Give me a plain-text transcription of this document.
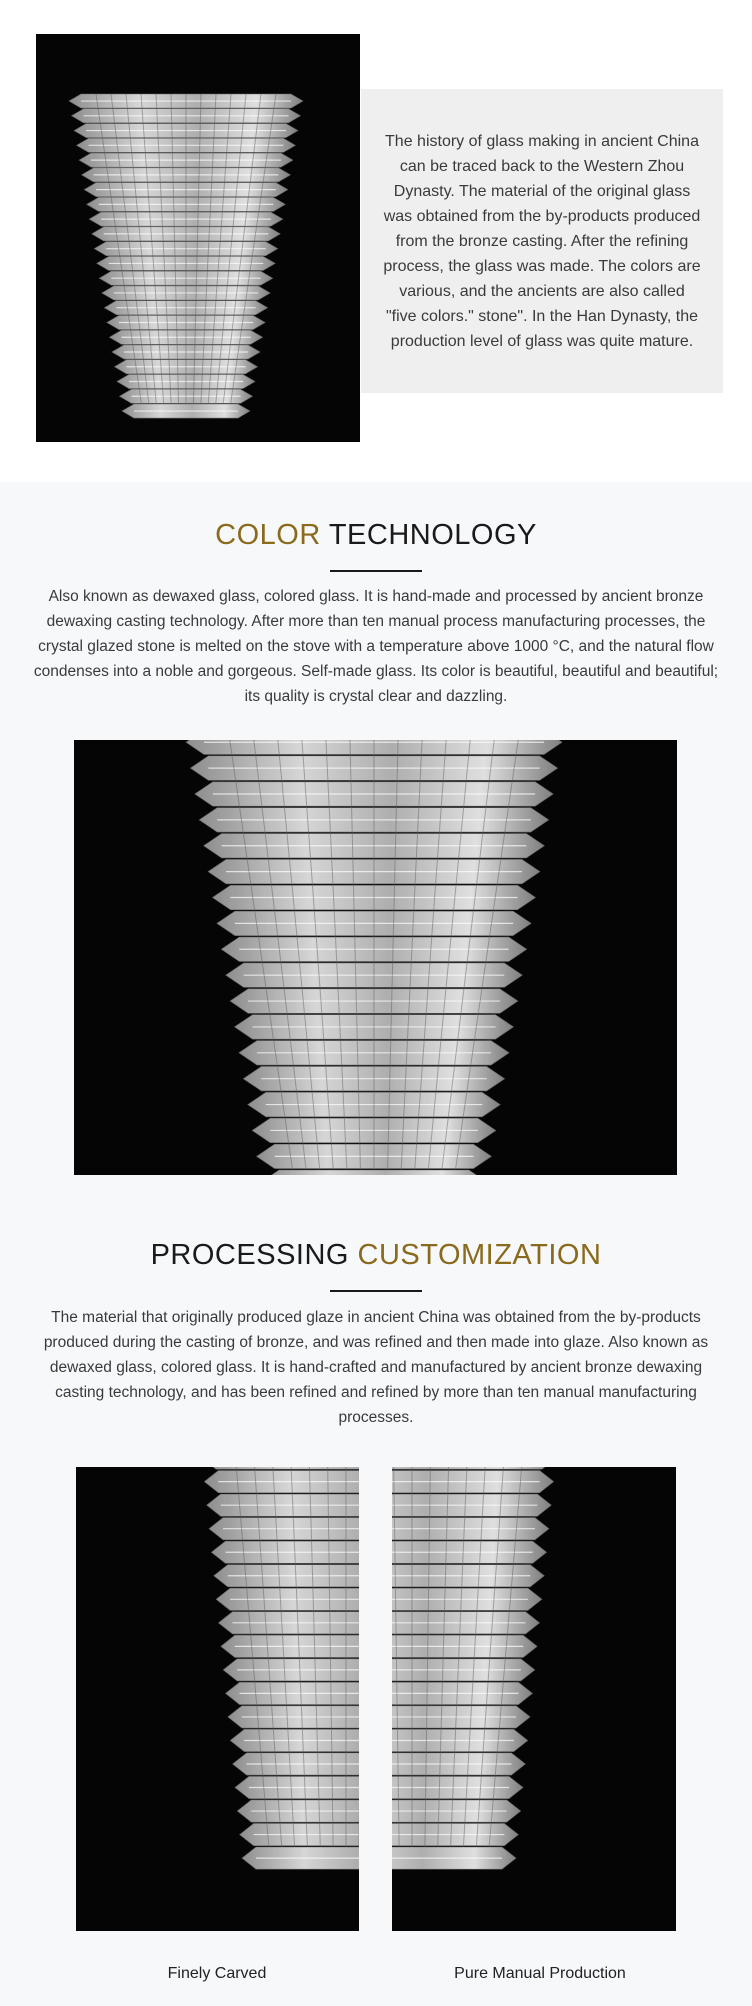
The history of glass making in ancient China can be traced back to the Western Zhou Dynasty. The material of the original glass was obtained from the by-products produced from the bronze casting. After the refining process, the glass was made. The colors are various, and the ancients are also called "five colors." stone". In the Han Dynasty, the production level of glass was quite mature.

COLOR TECHNOLOGY

Also known as dewaxed glass, colored glass. It is hand-made and processed by ancient bronze dewaxing casting technology. After more than ten manual process manufacturing processes, the crystal glazed stone is melted on the stove with a temperature above 1000 °C, and the natural flow condenses into a noble and gorgeous. Self-made glass. Its color is beautiful, beautiful and beautiful; its quality is crystal clear and dazzling.

PROCESSING CUSTOMIZATION

The material that originally produced glaze in ancient China was obtained from the by-products produced during the casting of bronze, and was refined and then made into glaze. Also known as dewaxed glass, colored glass. It is hand-crafted and manufactured by ancient bronze dewaxing casting technology, and has been refined and refined by more than ten manual manufacturing processes.

Finely Carved	Pure Manual Production
